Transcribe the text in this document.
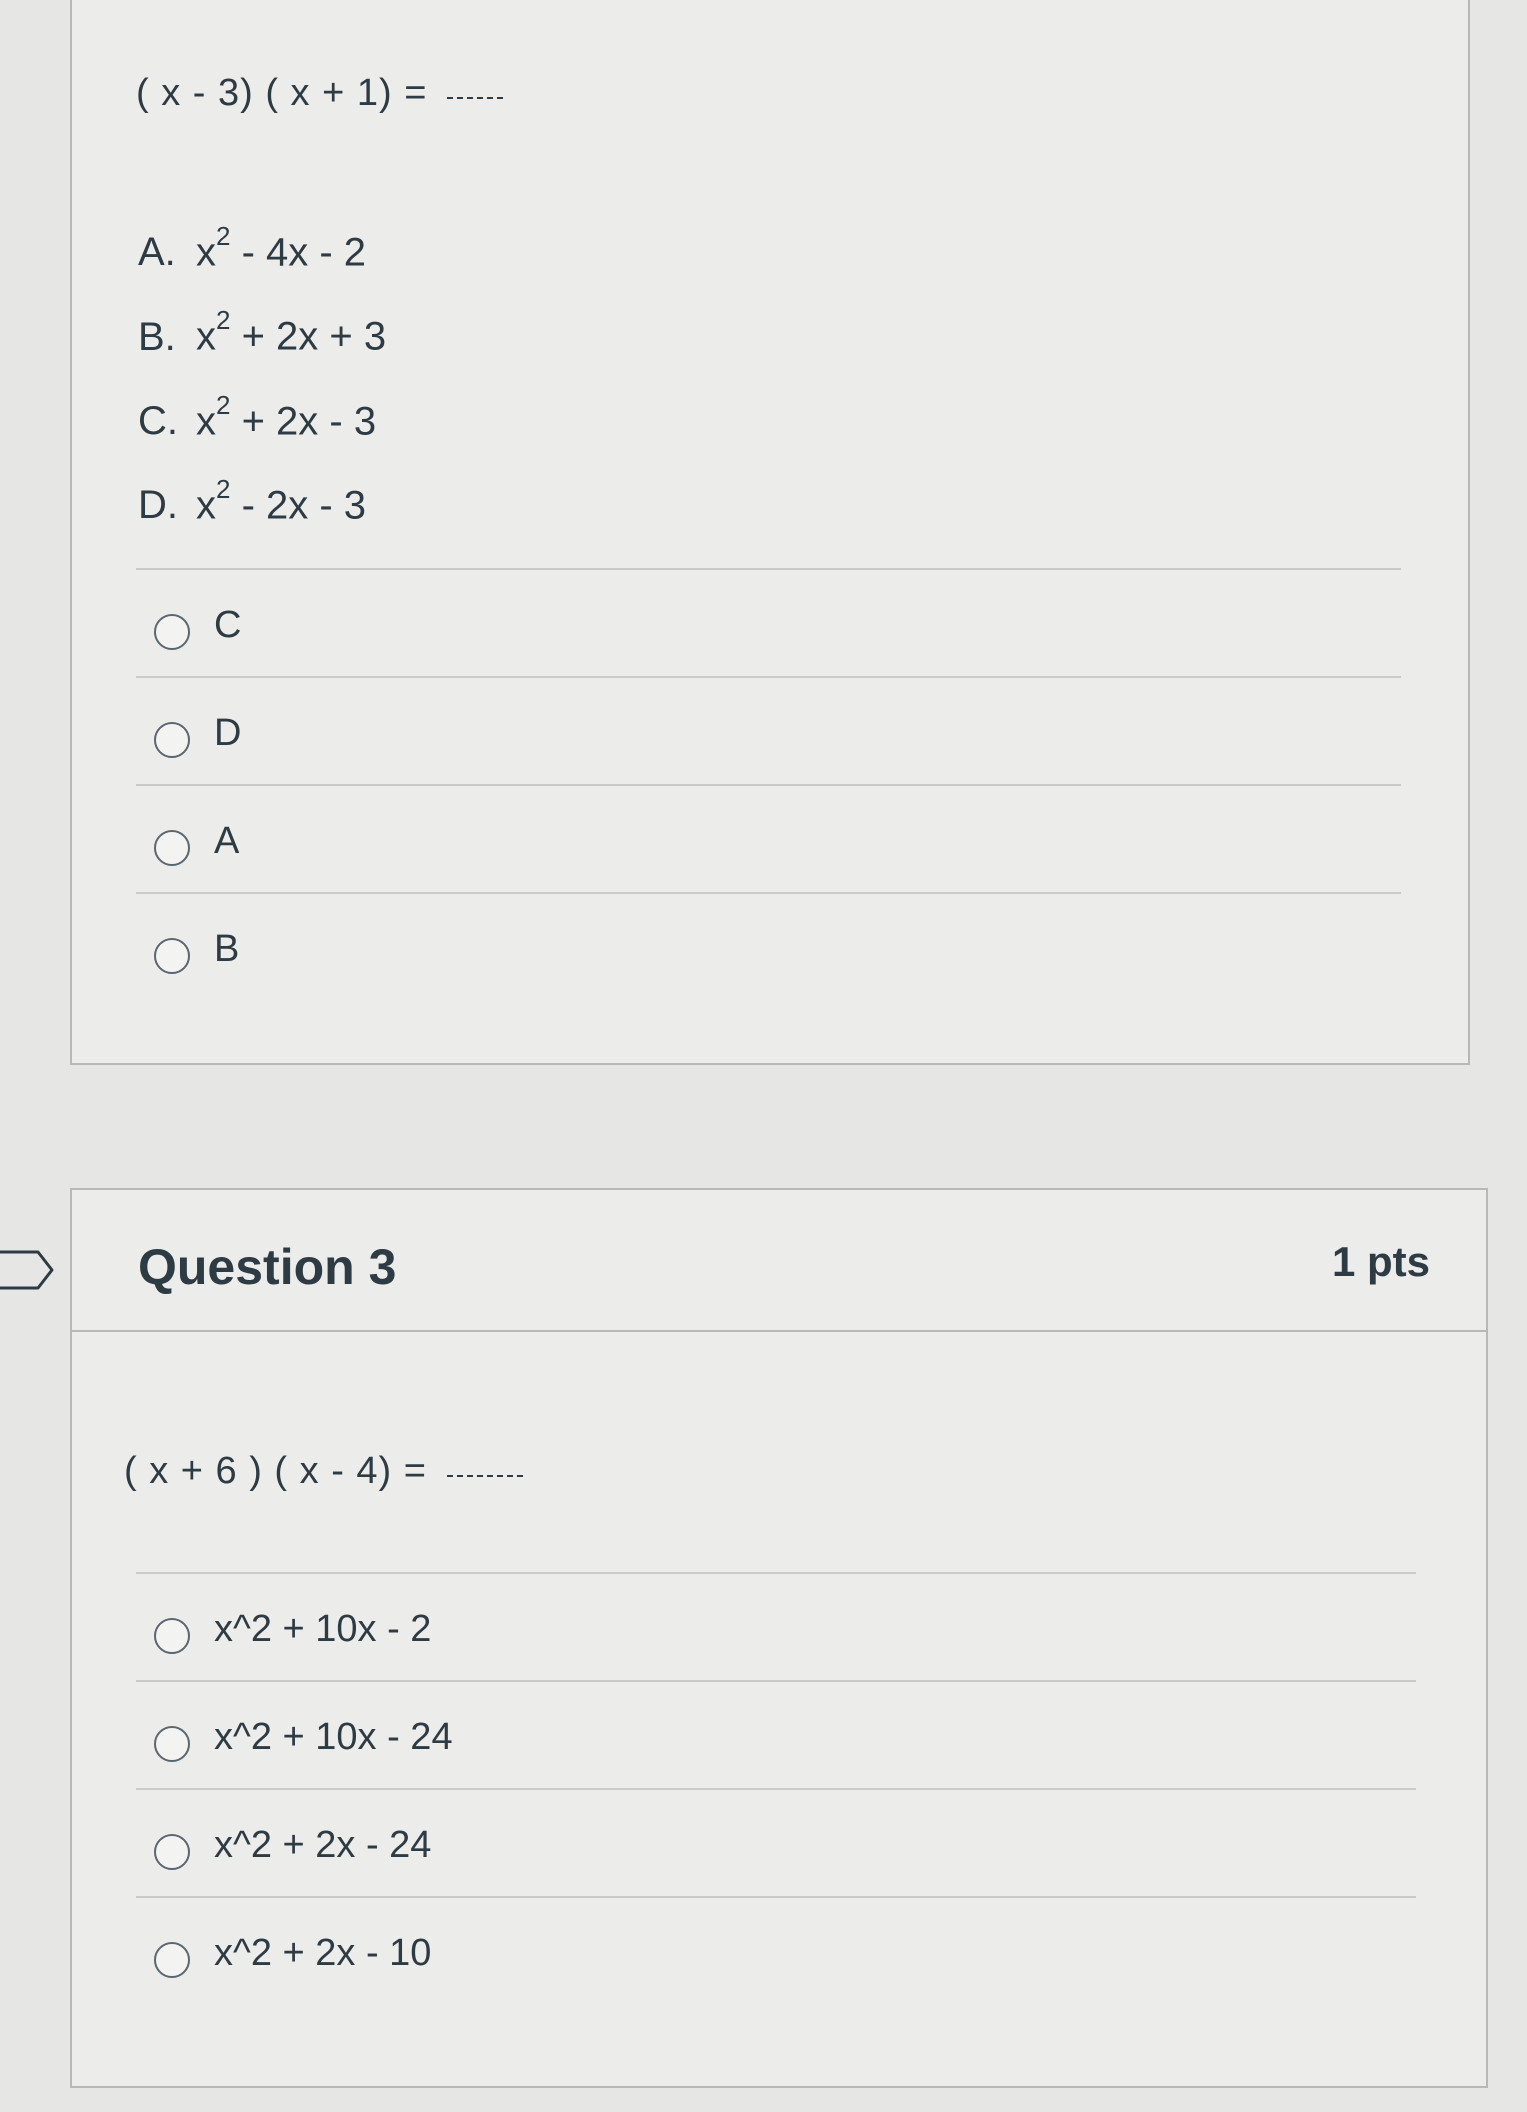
( x - 3) ( x + 1) =
A. $x^2 - 4x - 2$
B. $x^2 + 2x + 3$
C. $x^2 + 2x - 3$
D. $x^2 - 2x - 3$
C
D
A
B
Question 3	1 pts
( x + 6 ) ( x - 4) =
x^2 + 10x - 2
x^2 + 10x - 24
x^2 + 2x - 24
x^2 + 2x - 10
